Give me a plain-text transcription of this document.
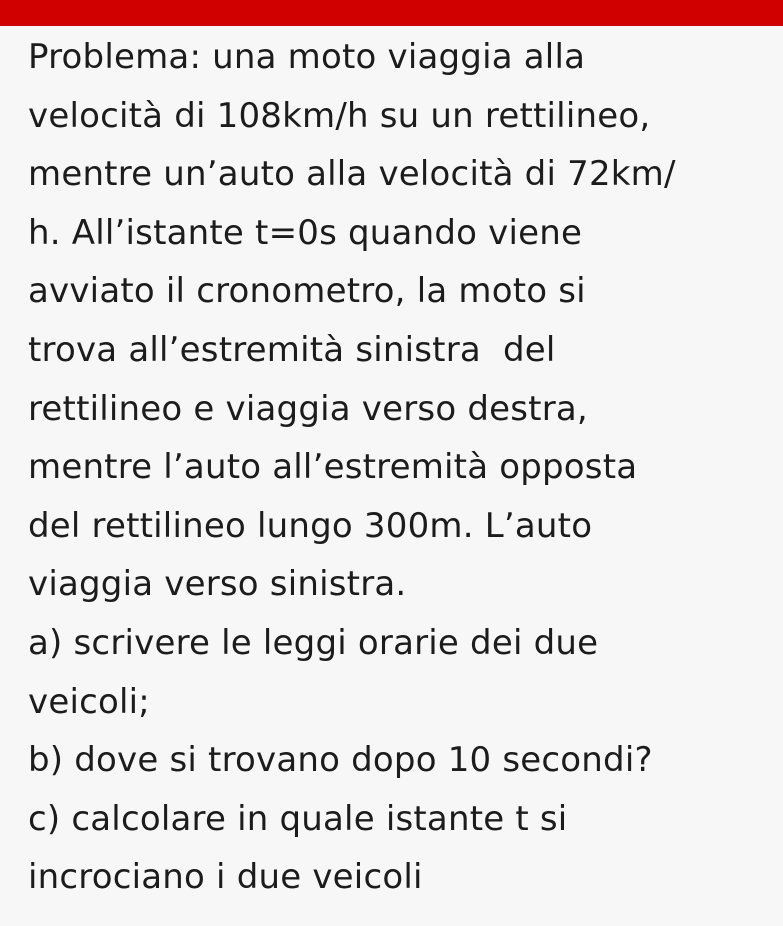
Problema: una moto viaggia alla
velocità di 108km/h su un rettilineo,
mentre un’auto alla velocità di 72km/
h. All’istante t=0s quando viene
avviato il cronometro, la moto si
trova all’estremità sinistra  del
rettilineo e viaggia verso destra,
mentre l’auto all’estremità opposta
del rettilineo lungo 300m. L’auto
viaggia verso sinistra.
a) scrivere le leggi orarie dei due
veicoli;
b) dove si trovano dopo 10 secondi?
c) calcolare in quale istante t si
incrociano i due veicoli
